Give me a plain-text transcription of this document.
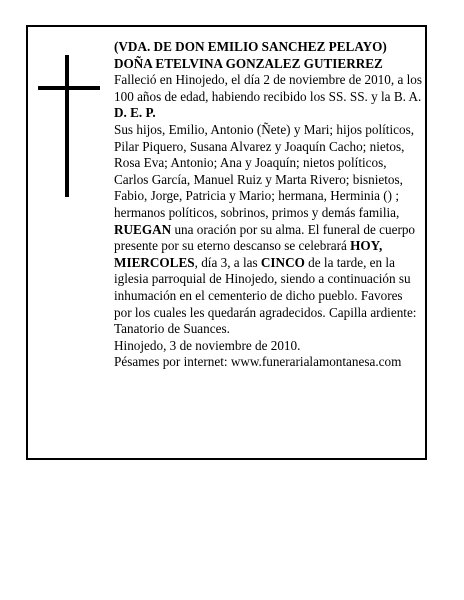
(VDA. DE DON EMILIO SANCHEZ PELAYO)

DOÑA ETELVINA GONZALEZ GUTIERREZ

Falleció en Hinojedo, el día 2 de noviembre de 2010, a los 100 años de edad, habiendo recibido los SS. SS. y la B. A.

D. E. P.

Sus hijos, Emilio, Antonio (Ñete) y Mari; hijos políticos, Pilar Piquero, Susana Alvarez y Joaquín Cacho; nietos, Rosa Eva; Antonio; Ana y Joaquín; nietos políticos, Carlos García, Manuel Ruiz y Marta Rivero; bisnietos, Fabio, Jorge, Patricia y Mario; hermana, Herminia () ; hermanos políticos, sobrinos, primos y demás familia,

RUEGAN una oración por su alma. El funeral de cuerpo presente por su eterno descanso se celebrará HOY, MIERCOLES, día 3, a las CINCO de la tarde, en la iglesia parroquial de Hinojedo, siendo a continuación su inhumación en el cementerio de dicho pueblo. Favores por los cuales les quedarán agradecidos. Capilla ardiente: Tanatorio de Suances.

Hinojedo, 3 de noviembre de 2010.

Pésames por internet: www.funerarialamontanesa.com
